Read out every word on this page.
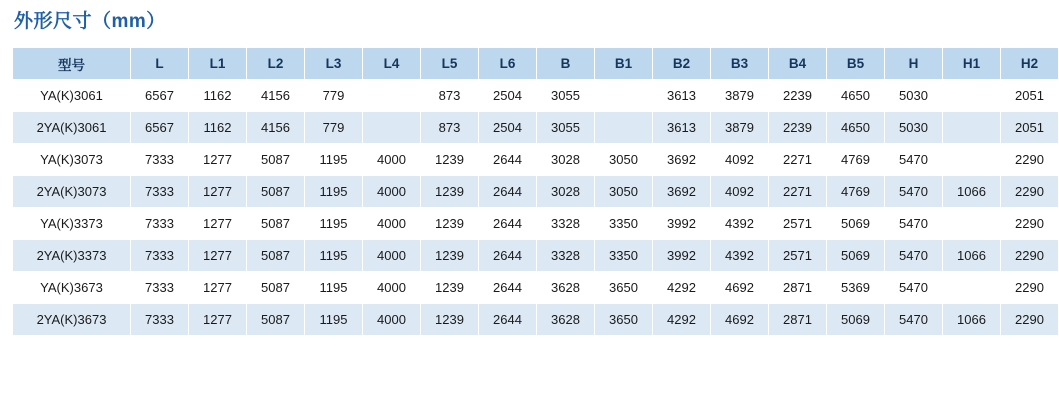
外形尺寸（mm）
型号	L	L1	L2	L3	L4	L5	L6	B	B1	B2	B3	B4	B5	H	H1	H2
YA(K)3061	6567	1162	4156	779		873	2504	3055		3613	3879	2239	4650	5030		2051
2YA(K)3061	6567	1162	4156	779		873	2504	3055		3613	3879	2239	4650	5030		2051
YA(K)3073	7333	1277	5087	1195	4000	1239	2644	3028	3050	3692	4092	2271	4769	5470		2290
2YA(K)3073	7333	1277	5087	1195	4000	1239	2644	3028	3050	3692	4092	2271	4769	5470	1066	2290
YA(K)3373	7333	1277	5087	1195	4000	1239	2644	3328	3350	3992	4392	2571	5069	5470		2290
2YA(K)3373	7333	1277	5087	1195	4000	1239	2644	3328	3350	3992	4392	2571	5069	5470	1066	2290
YA(K)3673	7333	1277	5087	1195	4000	1239	2644	3628	3650	4292	4692	2871	5369	5470		2290
2YA(K)3673	7333	1277	5087	1195	4000	1239	2644	3628	3650	4292	4692	2871	5069	5470	1066	2290
